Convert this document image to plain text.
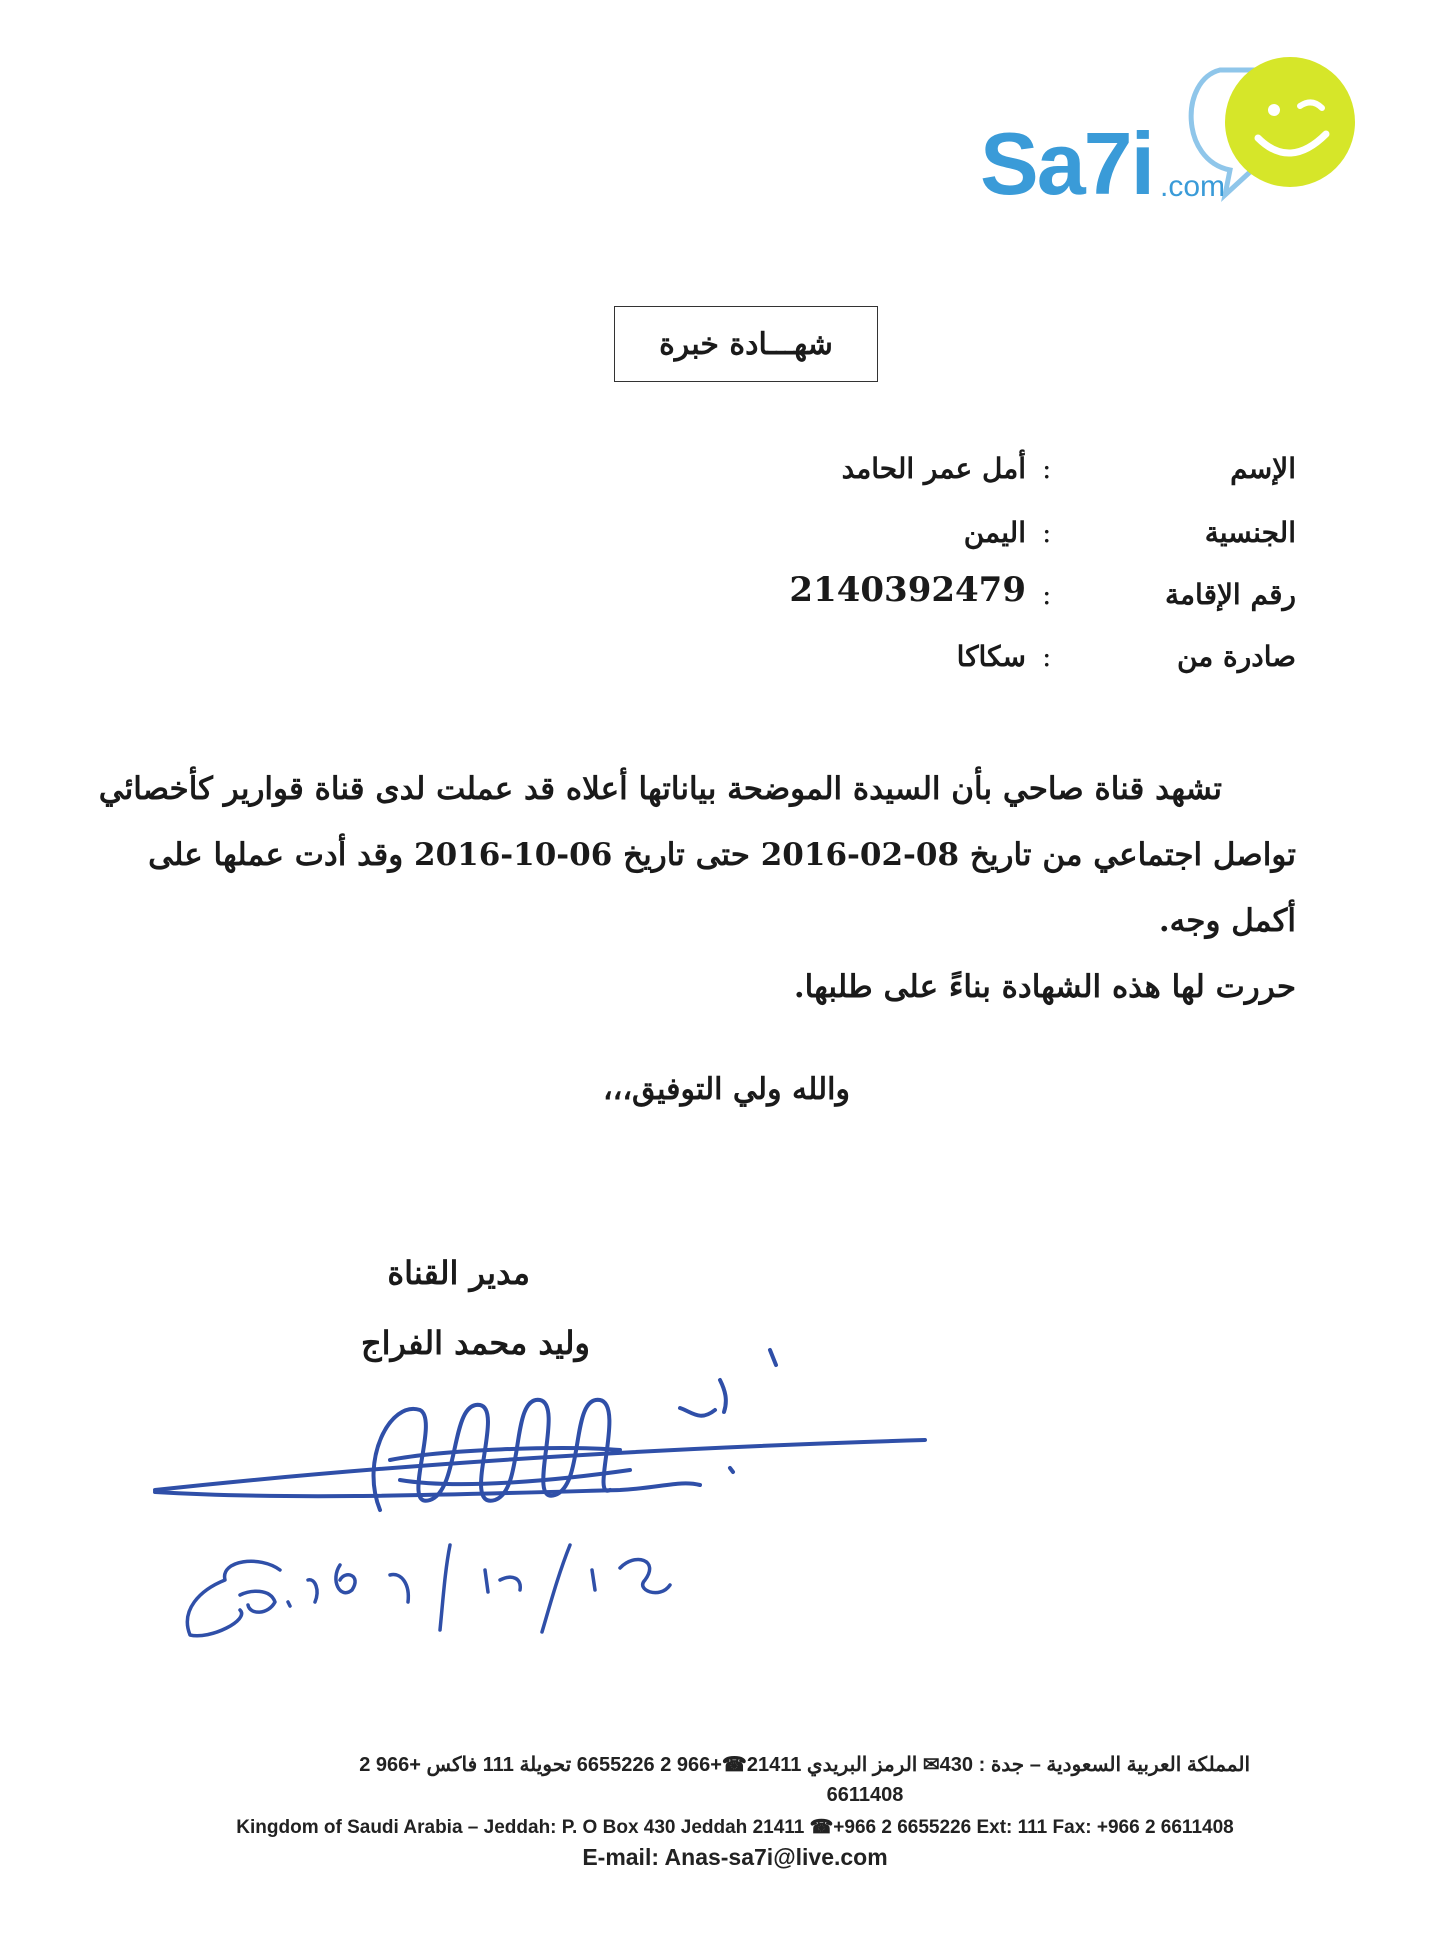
Sa7i .com
شهـــادة خبرة
الإسم
:
أمل عمر الحامد
الجنسية
:
اليمن
رقم الإقامة
:
2140392479
صادرة من
:
سكاكا
تشهد قناة صاحي بأن السيدة الموضحة بياناتها أعلاه قد عملت لدى قناة قوارير كأخصائي
تواصل اجتماعي من تاريخ 08-02-2016 حتى تاريخ 06-10-2016 وقد أدت عملها على
أكمل وجه.
حررت لها هذه الشهادة بناءً على طلبها.
والله ولي التوفيق،،،
مدير القناة
وليد محمد الفراج
المملكة العربية السعودية – جدة : 430✉ الرمز البريدي 21411☎+966 2 6655226 تحويلة 111 فاكس +966 2
6611408
Kingdom of Saudi Arabia – Jeddah: P. O Box 430 Jeddah 21411 ☎+966 2 6655226 Ext: 111 Fax: +966 2 6611408
E-mail: Anas-sa7i@live.com
